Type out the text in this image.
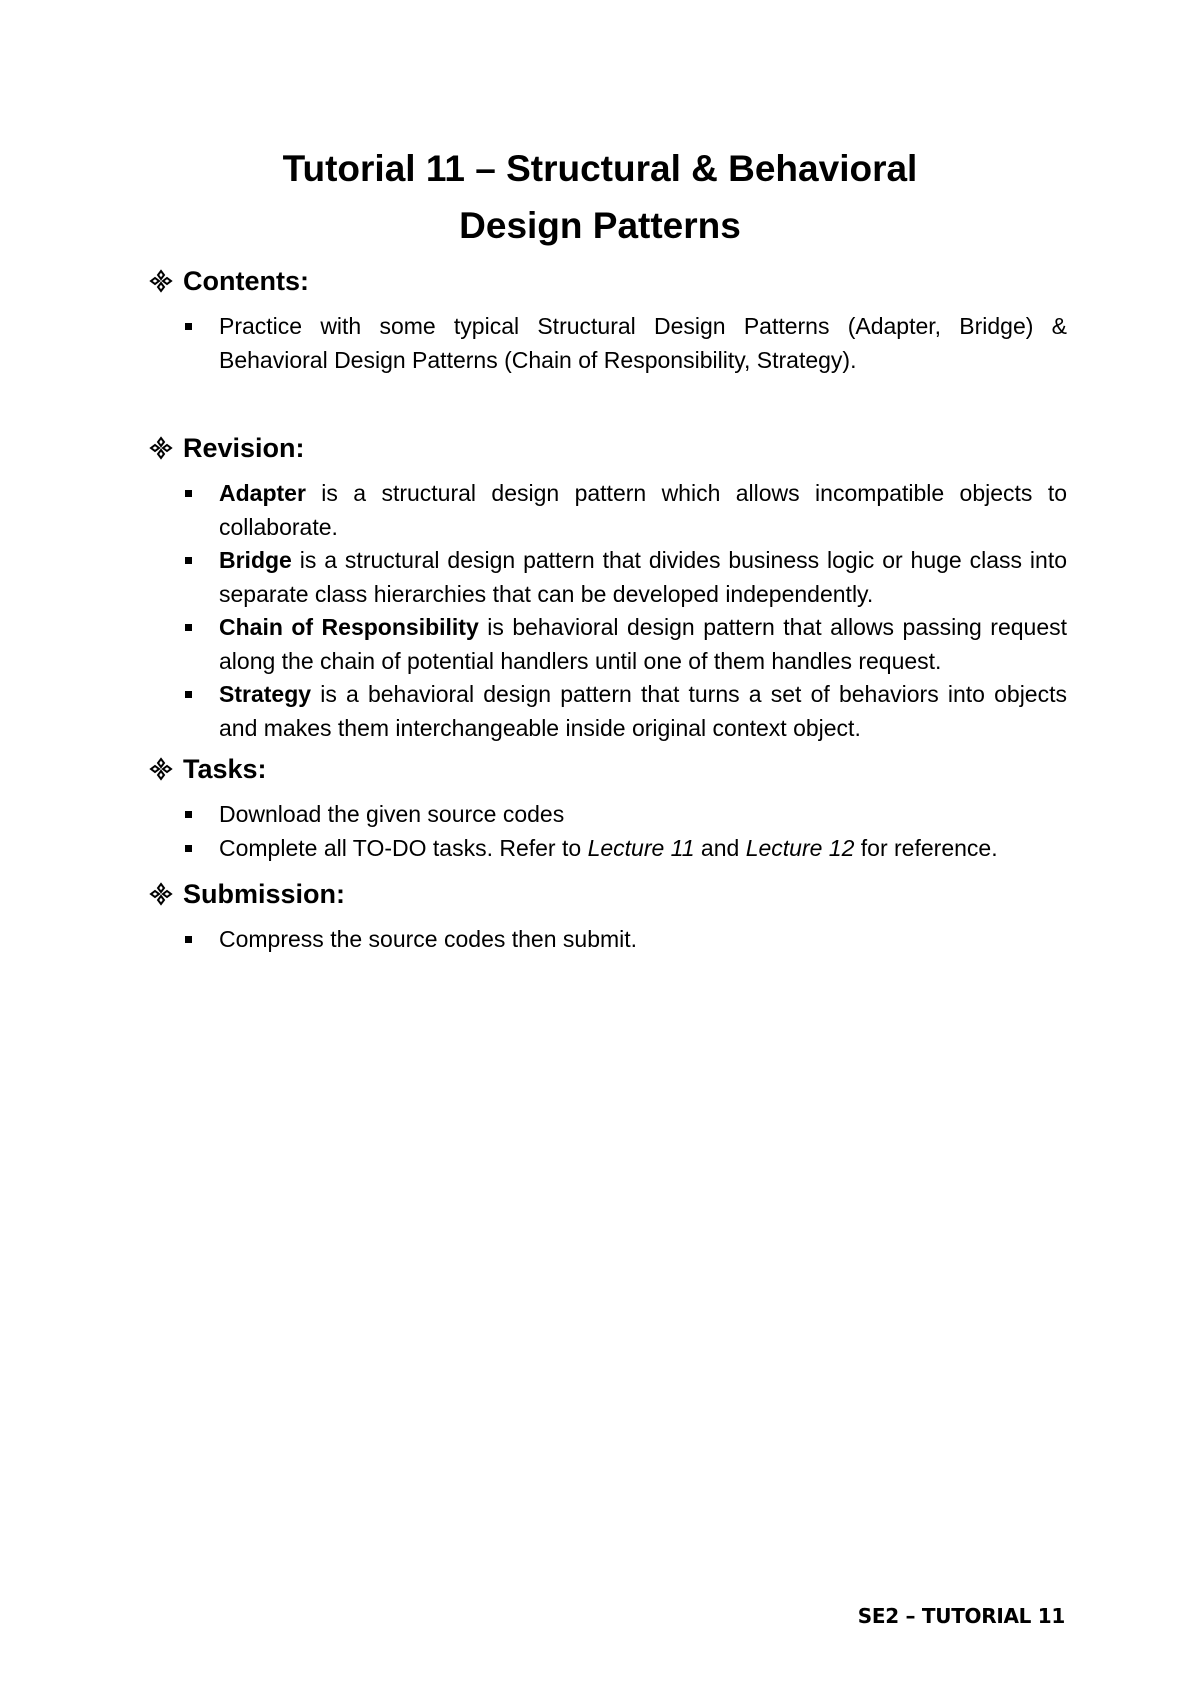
Tutorial 11 – Structural & Behavioral
Design Patterns
Contents:
Practice with some typical Structural Design Patterns (Adapter, Bridge) & Behavioral Design Patterns (Chain of Responsibility, Strategy).
Revision:
Adapter is a structural design pattern which allows incompatible objects to collaborate.
Bridge is a structural design pattern that divides business logic or huge class into separate class hierarchies that can be developed independently.
Chain of Responsibility is behavioral design pattern that allows passing request along the chain of potential handlers until one of them handles request.
Strategy is a behavioral design pattern that turns a set of behaviors into objects and makes them interchangeable inside original context object.
Tasks:
Download the given source codes
Complete all TO-DO tasks. Refer to Lecture 11 and Lecture 12 for reference.
Submission:
Compress the source codes then submit.
SE2 – TUTORIAL 11
